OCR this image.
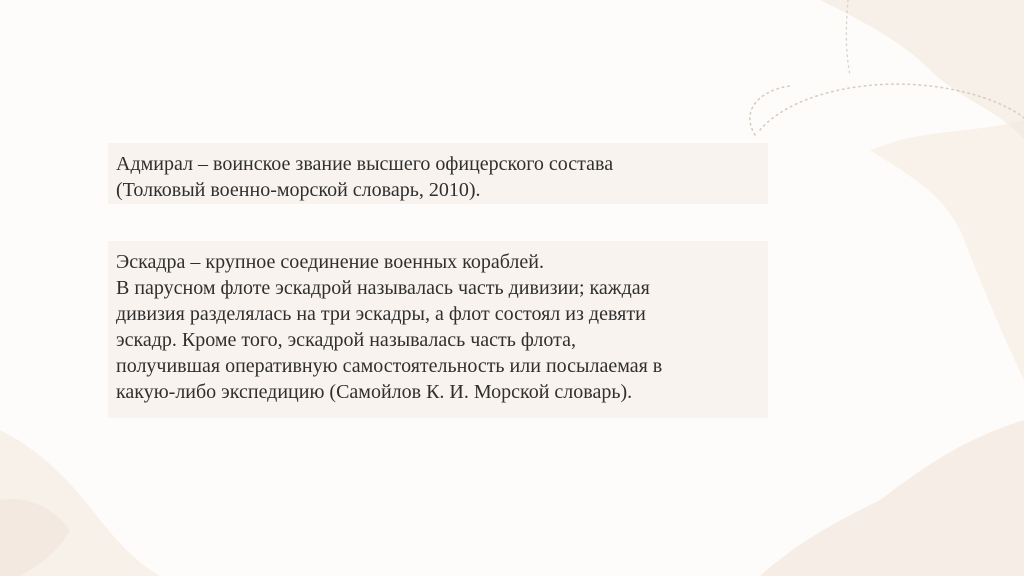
Адмирал – воинское звание высшего офицерского состава
(Толковый военно-морской словарь, 2010).
Эскадра – крупное соединение военных кораблей.
В парусном флоте эскадрой называлась часть дивизии; каждая
дивизия разделялась на три эскадры, а флот состоял из девяти
эскадр. Кроме того, эскадрой называлась часть флота,
получившая оперативную самостоятельность или посылаемая в
какую-либо экспедицию (Самойлов К. И. Морской словарь).
